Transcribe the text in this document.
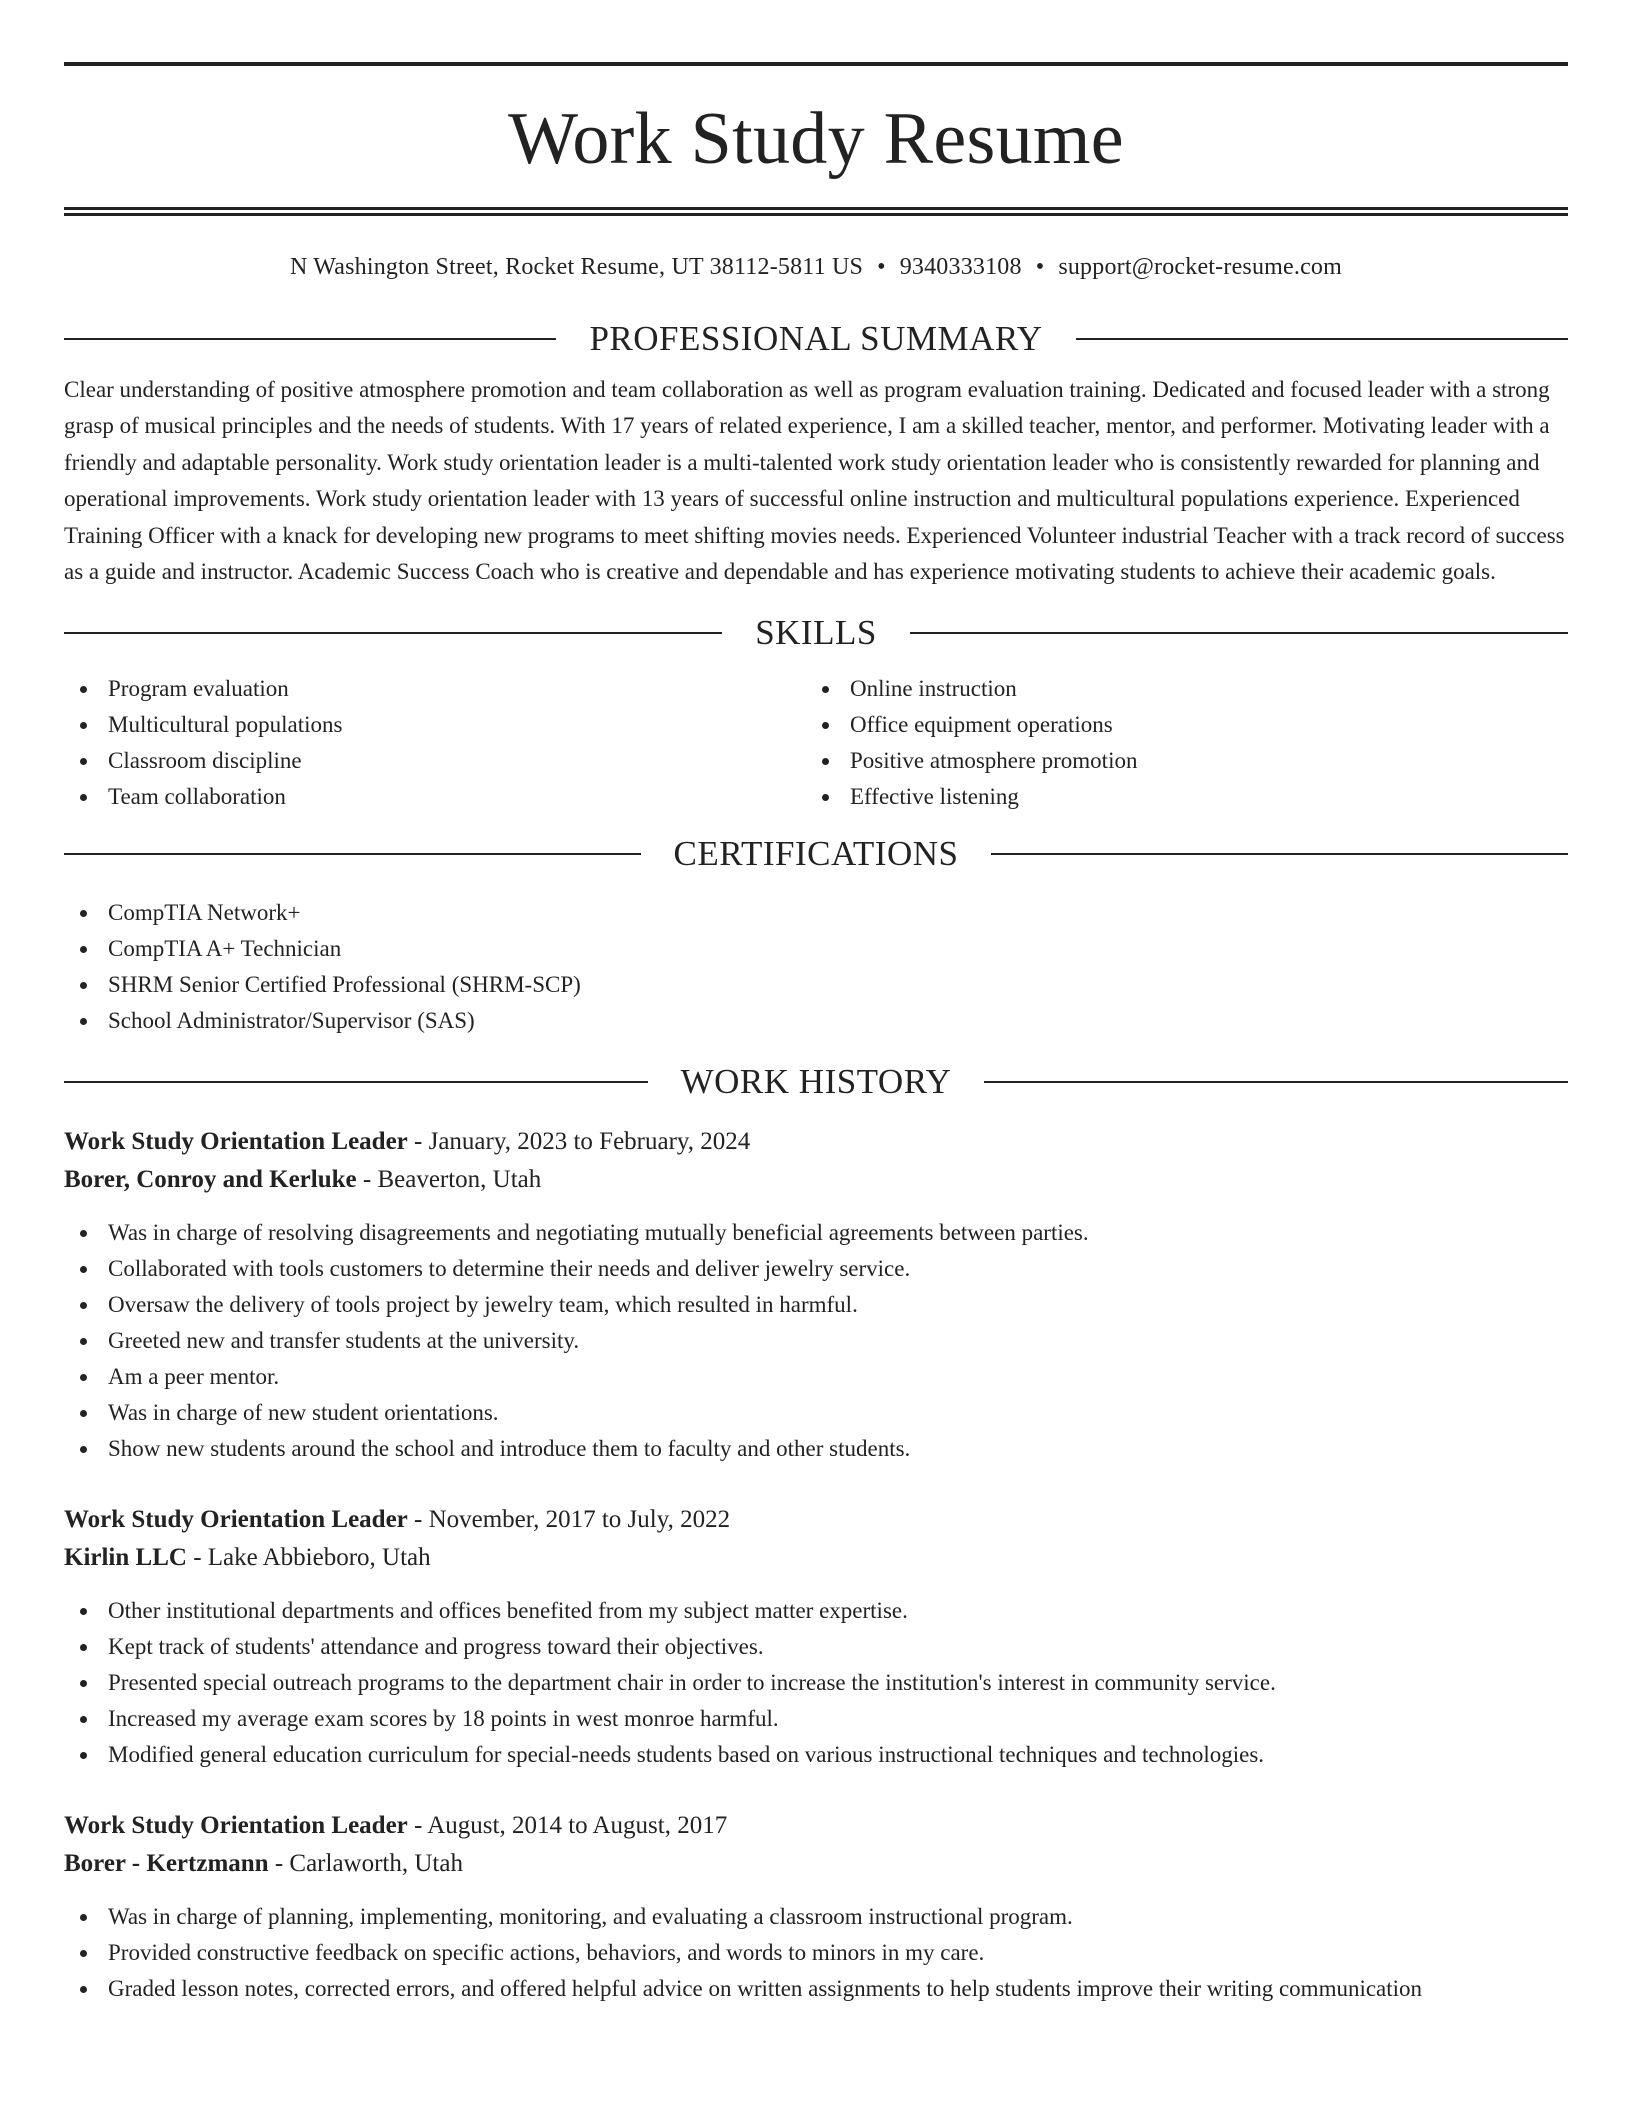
Work Study Resume
N Washington Street, Rocket Resume, UT 38112-5811 US • 9340333108 • support@rocket-resume.com
PROFESSIONAL SUMMARY

Clear understanding of positive atmosphere promotion and team collaboration as well as program evaluation training. Dedicated and focused leader with a strong grasp of musical principles and the needs of students. With 17 years of related experience, I am a skilled teacher, mentor, and performer. Motivating leader with a friendly and adaptable personality. Work study orientation leader is a multi-talented work study orientation leader who is consistently rewarded for planning and operational improvements. Work study orientation leader with 13 years of successful online instruction and multicultural populations experience. Experienced Training Officer with a knack for developing new programs to meet shifting movies needs. Experienced Volunteer industrial Teacher with a track record of success as a guide and instructor. Academic Success Coach who is creative and dependable and has experience motivating students to achieve their academic goals.

SKILLS
Program evaluation
Multicultural populations
Classroom discipline
Team collaboration
Online instruction
Office equipment operations
Positive atmosphere promotion
Effective listening
CERTIFICATIONS
CompTIA Network+
CompTIA A+ Technician
SHRM Senior Certified Professional (SHRM-SCP)
School Administrator/Supervisor (SAS)
WORK HISTORY
Work Study Orientation Leader - January, 2023 to February, 2024
Borer, Conroy and Kerluke - Beaverton, Utah
Was in charge of resolving disagreements and negotiating mutually beneficial agreements between parties.
Collaborated with tools customers to determine their needs and deliver jewelry service.
Oversaw the delivery of tools project by jewelry team, which resulted in harmful.
Greeted new and transfer students at the university.
Am a peer mentor.
Was in charge of new student orientations.
Show new students around the school and introduce them to faculty and other students.
Work Study Orientation Leader - November, 2017 to July, 2022
Kirlin LLC - Lake Abbieboro, Utah
Other institutional departments and offices benefited from my subject matter expertise.
Kept track of students' attendance and progress toward their objectives.
Presented special outreach programs to the department chair in order to increase the institution's interest in community service.
Increased my average exam scores by 18 points in west monroe harmful.
Modified general education curriculum for special-needs students based on various instructional techniques and technologies.
Work Study Orientation Leader - August, 2014 to August, 2017
Borer - Kertzmann - Carlaworth, Utah
Was in charge of planning, implementing, monitoring, and evaluating a classroom instructional program.
Provided constructive feedback on specific actions, behaviors, and words to minors in my care.
Graded lesson notes, corrected errors, and offered helpful advice on written assignments to help students improve their writing communication
